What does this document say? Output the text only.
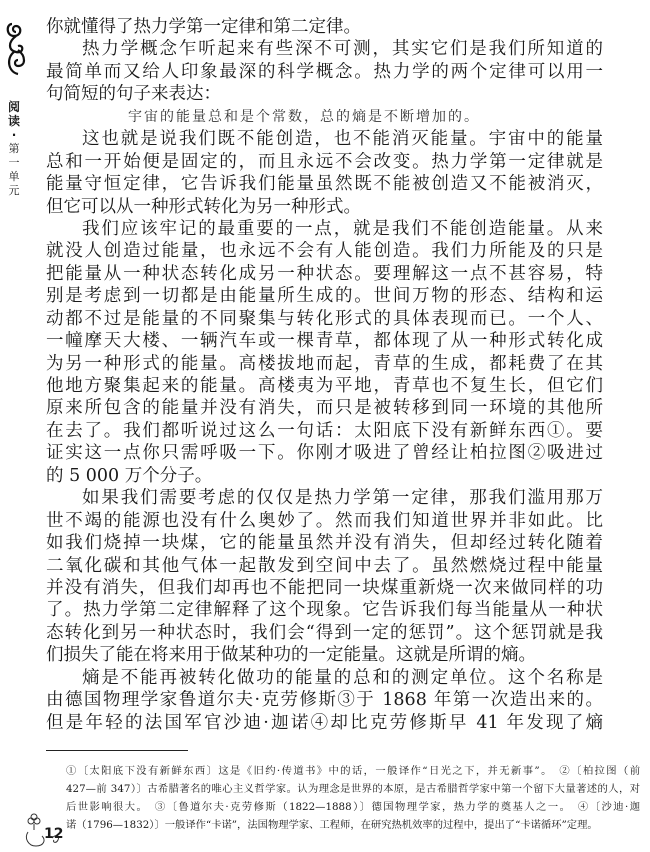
阅
读
·
第
一
单
元
你就懂得了热力学第一定律和第二定律。
热力学概念乍听起来有些深不可测，其实它们是我们所知道的
最简单而又给人印象最深的科学概念。热力学的两个定律可以用一
句简短的句子来表达：
宇宙的能量总和是个常数，总的熵是不断增加的。
这也就是说我们既不能创造，也不能消灭能量。宇宙中的能量
总和一开始便是固定的，而且永远不会改变。热力学第一定律就是
能量守恒定律，它告诉我们能量虽然既不能被创造又不能被消灭，
但它可以从一种形式转化为另一种形式。
我们应该牢记的最重要的一点，就是我们不能创造能量。从来
就没人创造过能量，也永远不会有人能创造。我们力所能及的只是
把能量从一种状态转化成另一种状态。要理解这一点不甚容易，特
别是考虑到一切都是由能量所生成的。世间万物的形态、结构和运
动都不过是能量的不同聚集与转化形式的具体表现而已。一个人、
一幢摩天大楼、一辆汽车或一棵青草，都体现了从一种形式转化成
为另一种形式的能量。高楼拔地而起，青草的生成，都耗费了在其
他地方聚集起来的能量。高楼夷为平地，青草也不复生长，但它们
原来所包含的能量并没有消失，而只是被转移到同一环境的其他所
在去了。我们都听说过这么一句话：太阳底下没有新鲜东西①。要
证实这一点你只需呼吸一下。你刚才吸进了曾经让柏拉图②吸进过
的 5 000 万个分子。
如果我们需要考虑的仅仅是热力学第一定律，那我们滥用那万
世不竭的能源也没有什么奥妙了。然而我们知道世界并非如此。比
如我们烧掉一块煤，它的能量虽然并没有消失，但却经过转化随着
二氧化碳和其他气体一起散发到空间中去了。虽然燃烧过程中能量
并没有消失，但我们却再也不能把同一块煤重新烧一次来做同样的功
了。热力学第二定律解释了这个现象。它告诉我们每当能量从一种状
态转化到另一种状态时，我们会“得到一定的惩罚”。这个惩罚就是我
们损失了能在将来用于做某种功的一定能量。这就是所谓的熵。
熵是不能再被转化做功的能量的总和的测定单位。这个名称是
由德国物理学家鲁道尔夫·克劳修斯③于 1868 年第一次造出来的。
但是年轻的法国军官沙迪·迦诺④却比克劳修斯早 41 年发现了熵
①〔太阳底下没有新鲜东西〕这是《旧约·传道书》中的话，一般译作“日光之下，并无新事”。　②〔柏拉图（前
427—前 347）〕古希腊著名的唯心主义哲学家。认为理念是世界的本原，是古希腊哲学家中第一个留下大量著述的人，对
后世影响很大。　③〔鲁道尔夫·克劳修斯（1822—1888）〕德国物理学家，热力学的奠基人之一。　④〔沙迪·迦
诺（1796—1832）〕一般译作“卡诺”，法国物理学家、工程师，在研究热机效率的过程中，提出了“卡诺循环”定理。
12
